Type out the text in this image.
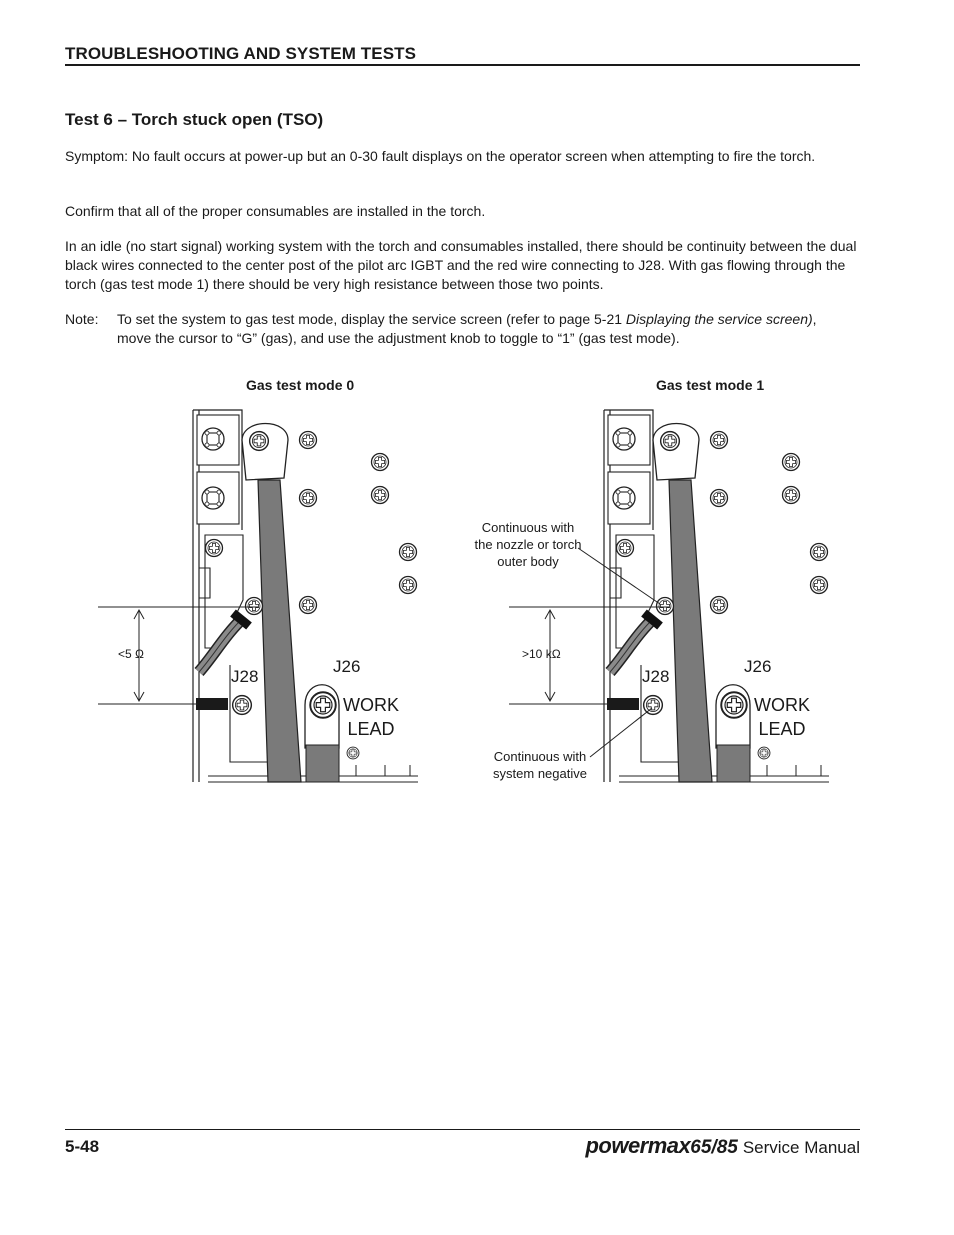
TROUBLESHOOTING AND SYSTEM TESTS
Test 6 – Torch stuck open (TSO)

Symptom: No fault occurs at power-up but an 0-30 fault displays on the operator screen when attempting to fire the torch.

Confirm that all of the proper consumables are installed in the torch.

In an idle (no start signal) working system with the torch and consumables installed, there should be continuity between the dual black wires connected to the center post of the pilot arc IGBT and the red wire connecting to J28. With gas flowing through the torch (gas test mode 1) there should be very high resistance between those two points.

Note: To set the system to gas test mode, display the service screen (refer to page 5-21 Displaying the service screen), move the cursor to “G” (gas), and use the adjustment knob to toggle to “1” (gas test mode).
Gas test mode 0	Gas test mode 1
<5 Ω	>10 kΩ
J28
J26
WORK
LEAD
J28
J26
WORK
LEAD
Continuous with
the nozzle or torch
outer body
Continuous with
system negative
5-48	powermax65/85 Service Manual
